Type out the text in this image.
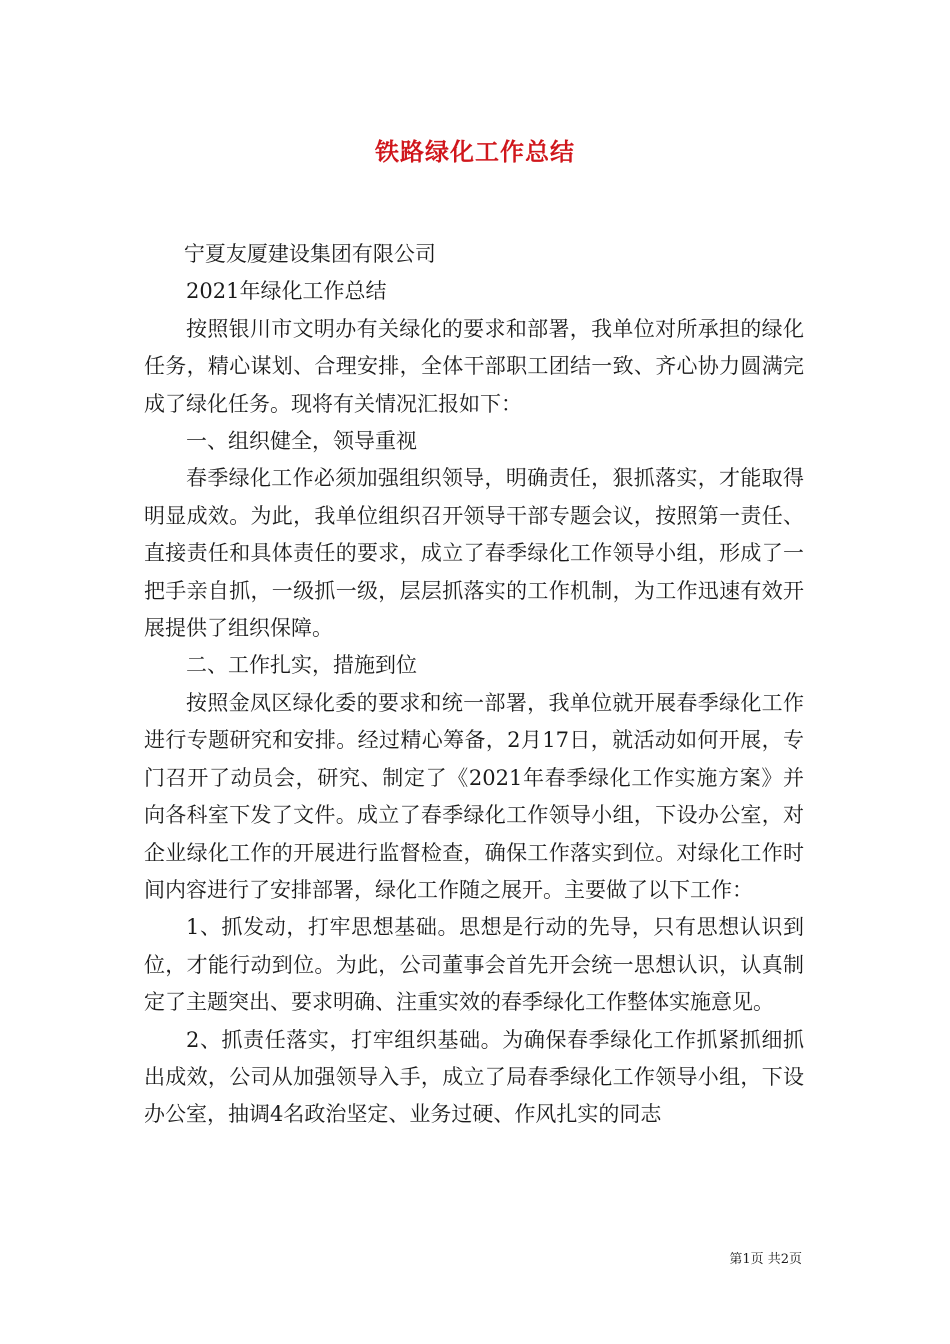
铁路绿化工作总结

宁夏友厦建设集团有限公司

2021年绿化工作总结

按照银川市文明办有关绿化的要求和部署，我单位对所承担的绿化任务，精心谋划、合理安排，全体干部职工团结一致、齐心协力圆满完成了绿化任务。现将有关情况汇报如下：

一、组织健全，领导重视

春季绿化工作必须加强组织领导，明确责任，狠抓落实，才能取得明显成效。为此，我单位组织召开领导干部专题会议，按照第一责任、直接责任和具体责任的要求，成立了春季绿化工作领导小组，形成了一把手亲自抓，一级抓一级，层层抓落实的工作机制，为工作迅速有效开展提供了组织保障。

二、工作扎实，措施到位

按照金凤区绿化委的要求和统一部署，我单位就开展春季绿化工作进行专题研究和安排。经过精心筹备，2月17日，就活动如何开展，专门召开了动员会，研究、制定了《2021年春季绿化工作实施方案》并向各科室下发了文件。成立了春季绿化工作领导小组，下设办公室，对企业绿化工作的开展进行监督检查，确保工作落实到位。对绿化工作时间内容进行了安排部署，绿化工作随之展开。主要做了以下工作：

1、抓发动，打牢思想基础。思想是行动的先导，只有思想认识到位，才能行动到位。为此，公司董事会首先开会统一思想认识，认真制定了主题突出、要求明确、注重实效的春季绿化工作整体实施意见。

2、抓责任落实，打牢组织基础。为确保春季绿化工作抓紧抓细抓出成效，公司从加强领导入手，成立了局春季绿化工作领导小组，下设办公室，抽调4名政治坚定、业务过硬、作风扎实的同志

第1页 共2页
